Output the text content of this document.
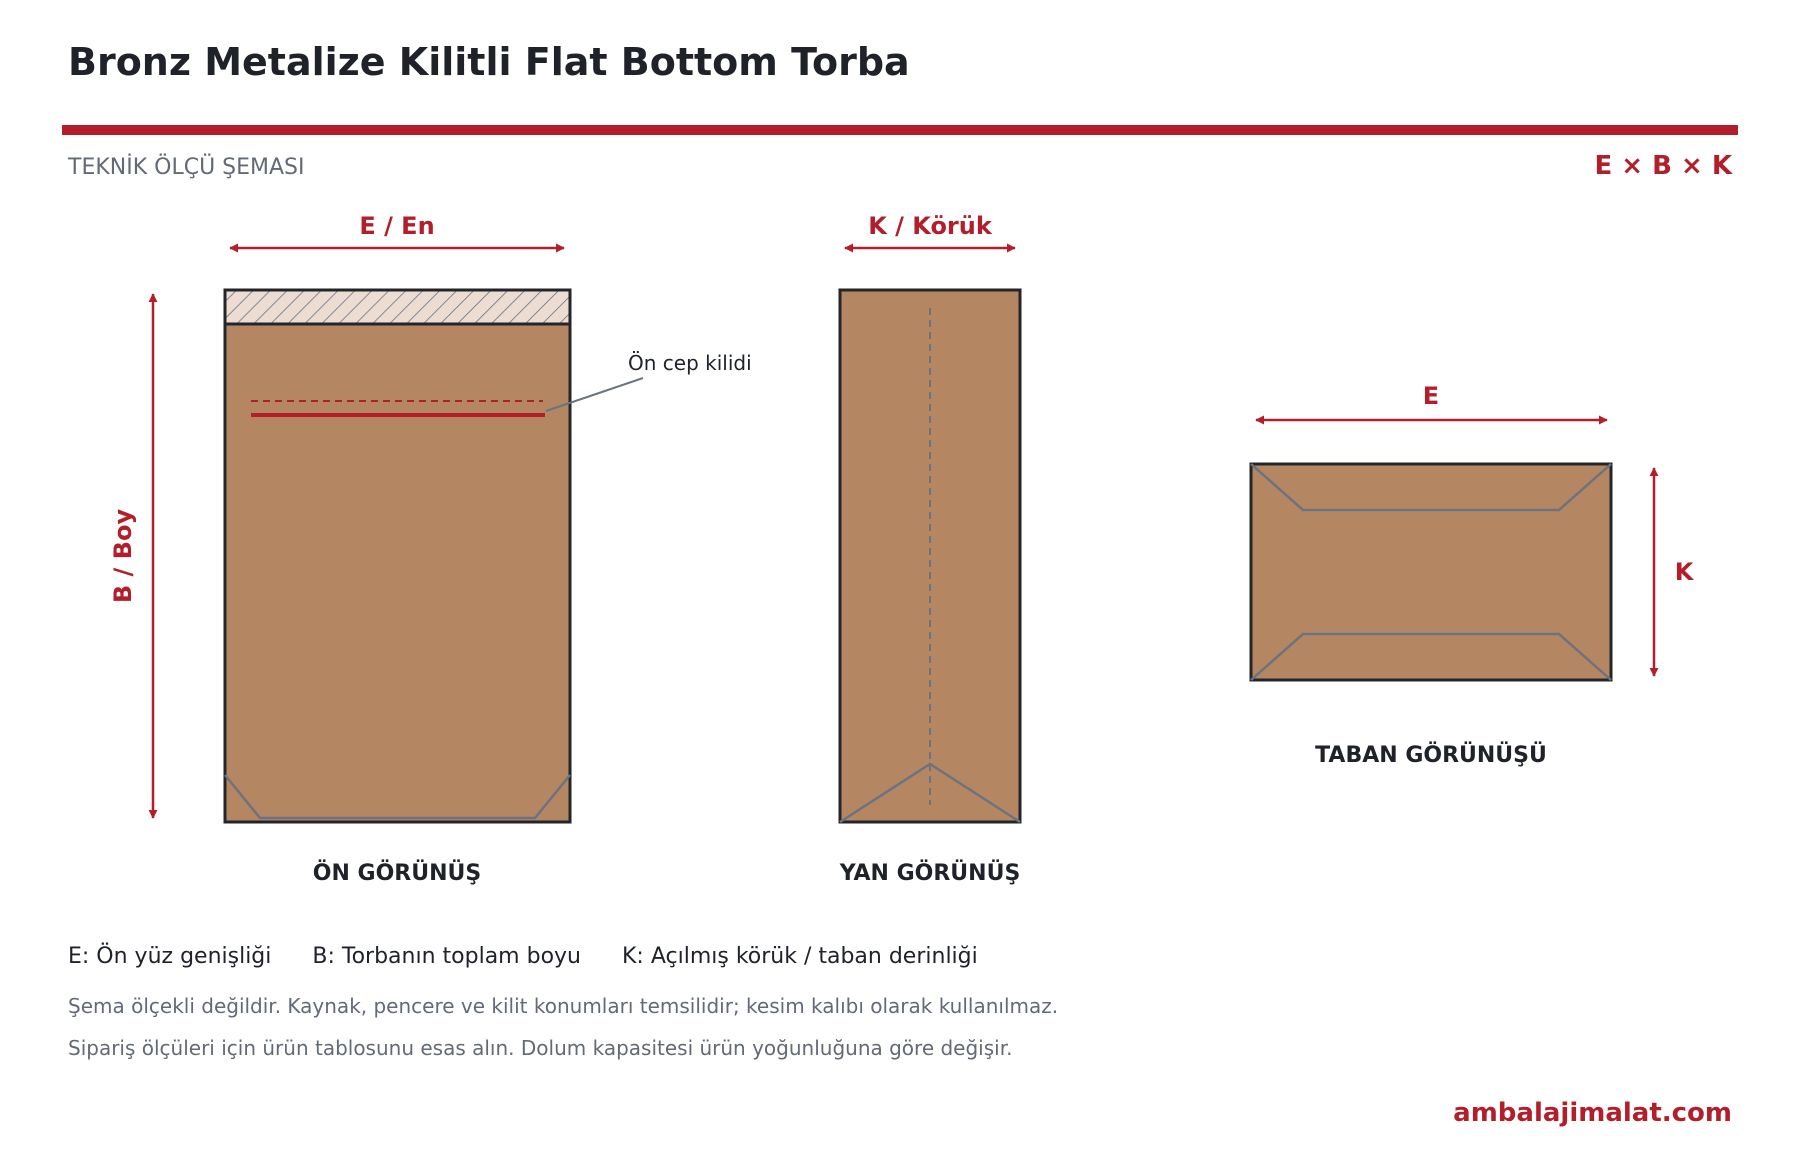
Bronz Metalize Kilitli Flat Bottom Torba
TEKNİK ÖLÇÜ ŞEMASI	E × B × K
E / En
B / Boy
Ön cep kilidi
ÖN GÖRÜNÜŞ
K / Körük
YAN GÖRÜNÜŞ
E
K
TABAN GÖRÜNÜŞÜ
E: Ön yüz genişliği B: Torbanın toplam boyu K: Açılmış körük / taban derinliği
Şema ölçekli değildir. Kaynak, pencere ve kilit konumları temsilidir; kesim kalıbı olarak kullanılmaz.
Sipariş ölçüleri için ürün tablosunu esas alın. Dolum kapasitesi ürün yoğunluğuna göre değişir.
ambalajimalat.com
